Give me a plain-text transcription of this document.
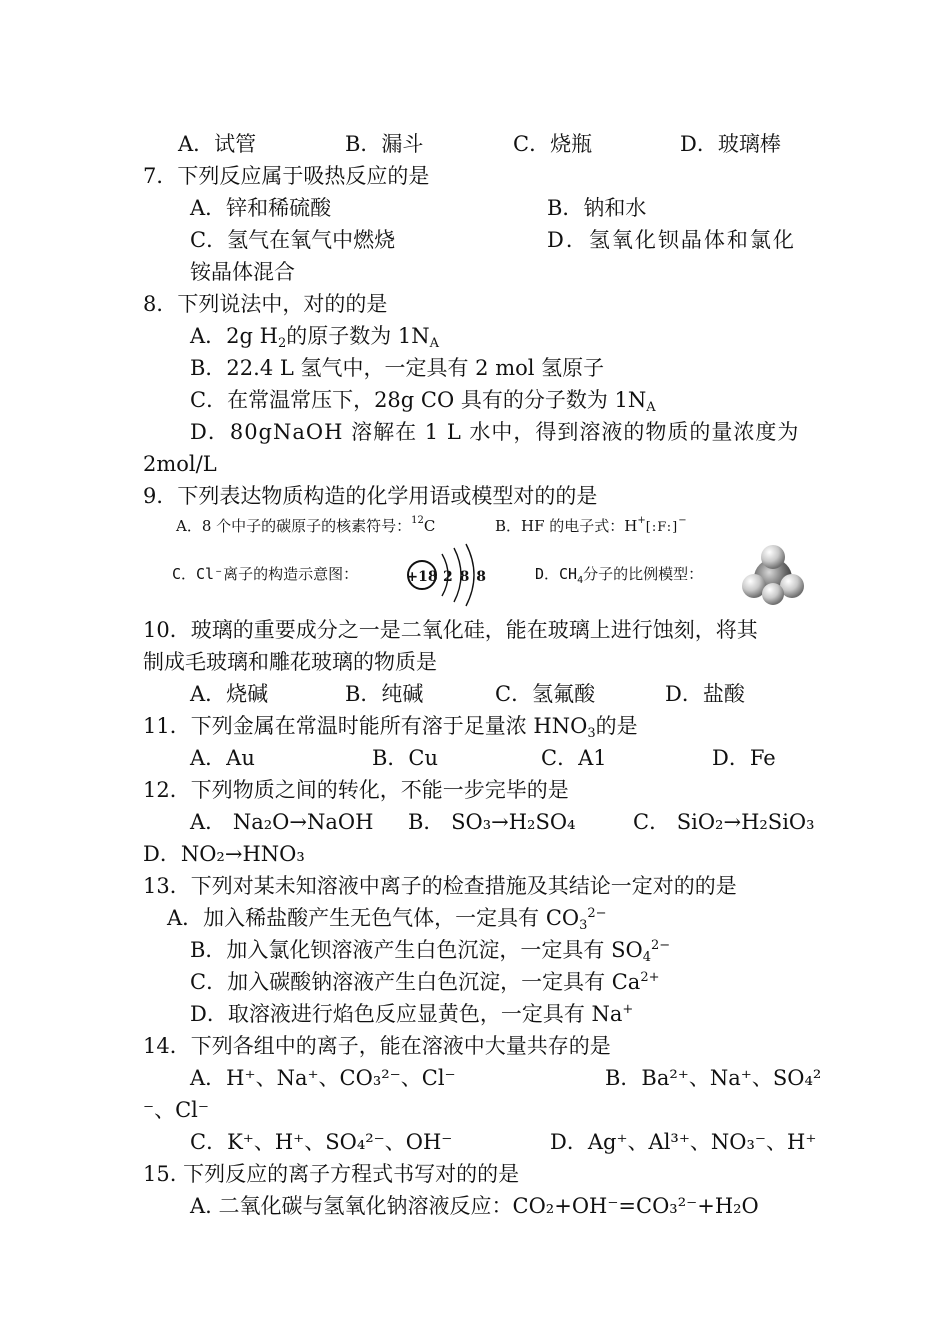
A．试管	B．漏斗	C．烧瓶	D．玻璃棒
7．下列反应属于吸热反应的是
A．锌和稀硫酸	B．钠和水
C．氢气在氧气中燃烧	D．氢氧化钡晶体和氯化
铵晶体混合
8．下列说法中，对的的是
A．2g $H_2$的原子数为 $1N_A$
B．22.4 L 氢气中，一定具有 2 mol 氢原子
C．在常温常压下，28g CO 具有的分子数为 $1N_A$
D．80gNaOH 溶解在 1 L 水中，得到溶液的物质的量浓度为
2mol/L
9．下列表达物质构造的化学用语或模型对的的是
A．8 个中子的碳原子的核素符号：$^{12}$C	B．HF 的电子式：H+[:F:]−
C．Cl⁻离子的构造示意图：	+18 2 8 8	D．$CH_4$分子的比例模型：
10．玻璃的重要成分之一是二氧化硅，能在玻璃上进行蚀刻，将其
制成毛玻璃和雕花玻璃的物质是
A．烧碱	B．纯碱	C．氢氟酸	D．盐酸
11．下列金属在常温时能所有溶于足量浓 $HNO_3$的是
A．Au	B．Cu	C．A1	D．Fe
12．下列物质之间的转化，不能一步完毕的是
A． Na₂O→NaOH B． SO₃→H₂SO₄	C． SiO₂→H₂SiO₃
D．NO₂→HNO₃
13．下列对某未知溶液中离子的检查措施及其结论一定对的的是
A．加入稀盐酸产生无色气体，一定具有 $CO_3^{2-}$
B．加入氯化钡溶液产生白色沉淀，一定具有 $SO_4^{2-}$
C．加入碳酸钠溶液产生白色沉淀，一定具有 $Ca^{2+}$
D．取溶液进行焰色反应显黄色，一定具有 Na+
14．下列各组中的离子，能在溶液中大量共存的是
A．H⁺、Na⁺、CO₃²⁻、Cl⁻	B．Ba²⁺、Na⁺、SO₄²
⁻、Cl⁻
C．K⁺、H⁺、SO₄²⁻、OH⁻	D．Ag⁺、Al³⁺、NO₃⁻、H⁺
15. 下列反应的离子方程式书写对的的是
A. 二氧化碳与氢氧化钠溶液反应：CO₂+OH⁻=CO₃²⁻+H₂O
